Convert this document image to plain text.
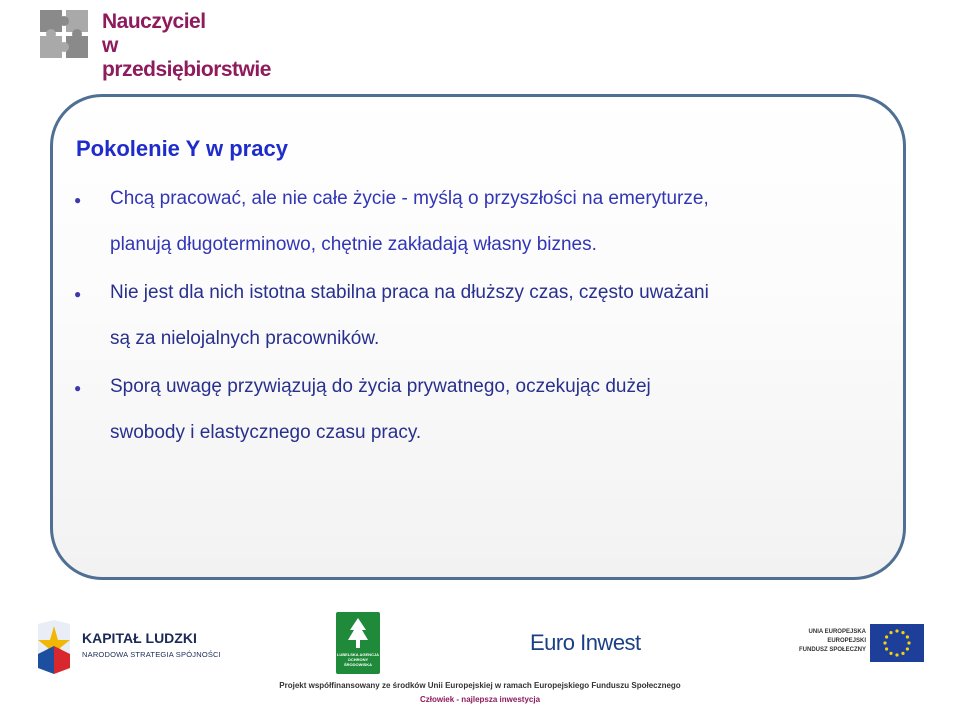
Nauczyciel
w przedsiębiorstwie
Pokolenie Y w pracy
● Chcą pracować, ale nie całe życie - myślą o przyszłości na emeryturze,
planują długoterminowo, chętnie zakładają własny biznes.
● Nie jest dla nich istotna stabilna praca na dłuższy czas, często uważani
są za nielojalnych pracowników.
● Sporą uwagę przywiązują do życia prywatnego, oczekując dużej
swobody i elastycznego czasu pracy.
KAPITAŁ LUDZKI
NARODOWA STRATEGIA SPÓJNOŚCI	LUBELSKA AGENCJA OCHRONY ŚRODOWISKA
Euro Inwest	UNIA EUROPEJSKA
EUROPEJSKI
FUNDUSZ SPOŁECZNY
Projekt współfinansowany ze środków Unii Europejskiej w ramach Europejskiego Funduszu Społecznego
Człowiek - najlepsza inwestycja
